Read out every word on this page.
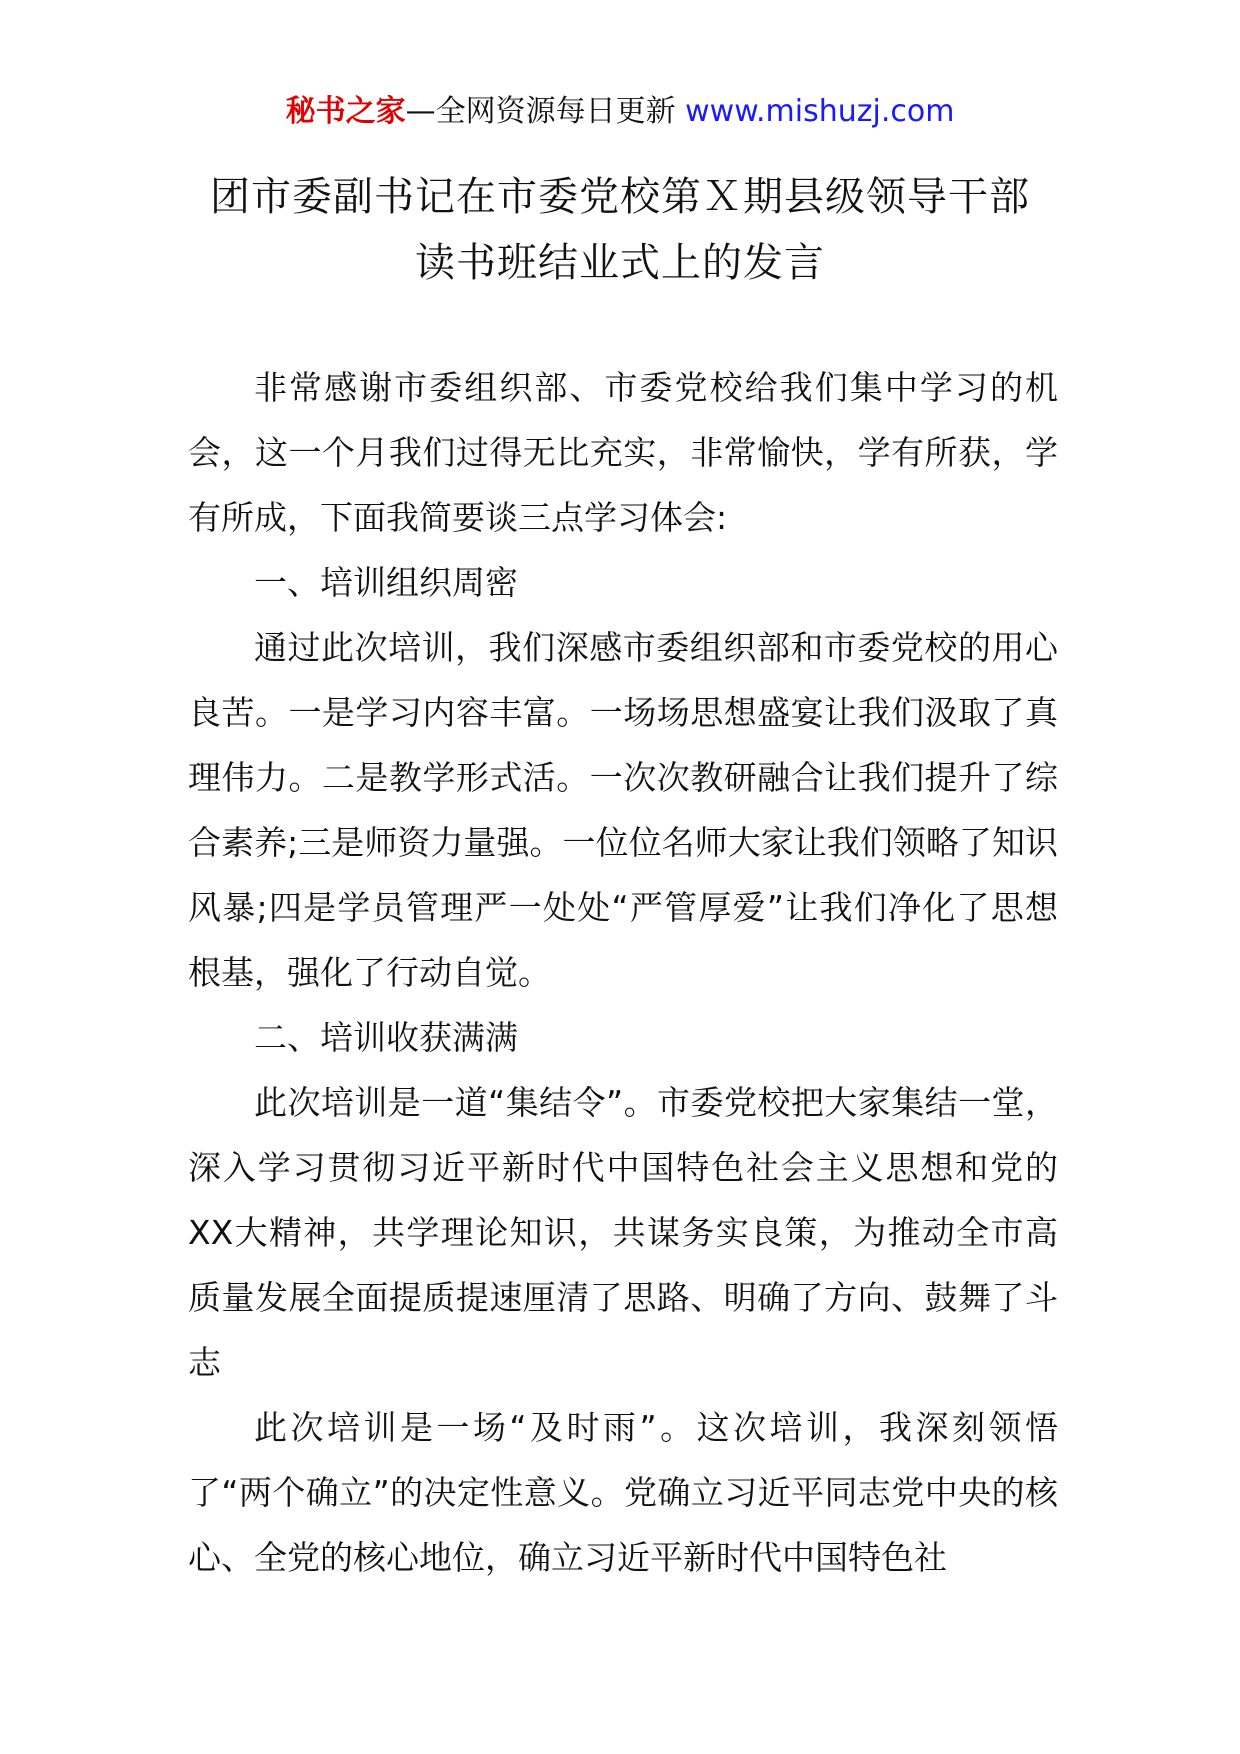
秘书之家—全网资源每日更新 www.mishuzj.com
团市委副书记在市委党校第Ｘ期县级领导干部
读书班结业式上的发言

非常感谢市委组织部、市委党校给我们集中学习的机会，这一个月我们过得无比充实，非常愉快，学有所获，学有所成，下面我简要谈三点学习体会:

一、培训组织周密

通过此次培训，我们深感市委组织部和市委党校的用心良苦。一是学习内容丰富。一场场思想盛宴让我们汲取了真理伟力。二是教学形式活。一次次教研融合让我们提升了综合素养;三是师资力量强。一位位名师大家让我们领略了知识风暴;四是学员管理严一处处“严管厚爱”让我们净化了思想根基，强化了行动自觉。

二、培训收获满满

此次培训是一道“集结令”。市委党校把大家集结一堂，深入学习贯彻习近平新时代中国特色社会主义思想和党的XX大精神，共学理论知识，共谋务实良策，为推动全市高质量发展全面提质提速厘清了思路、明确了方向、鼓舞了斗志

此次培训是一场“及时雨”。这次培训，我深刻领悟了“两个确立”的决定性意义。党确立习近平同志党中央的核心、全党的核心地位，确立习近平新时代中国特色社
